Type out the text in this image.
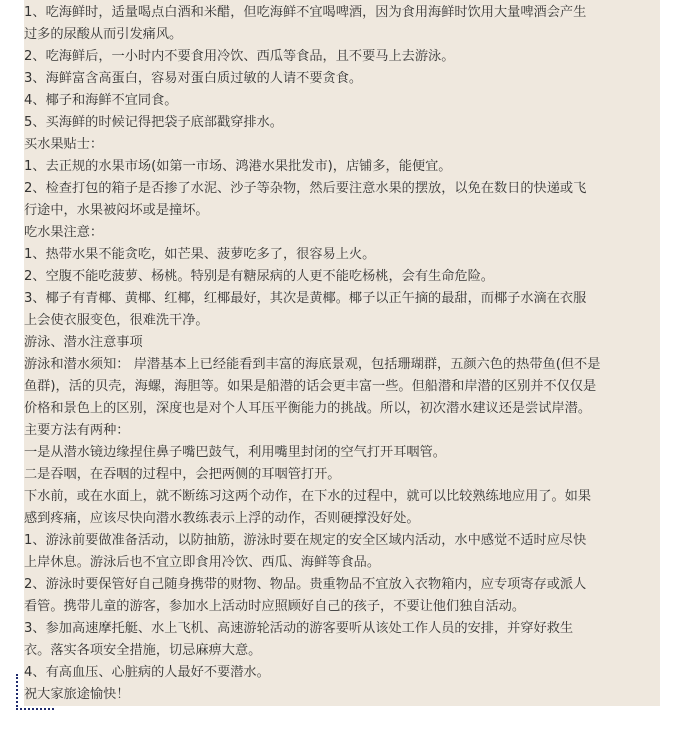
1、吃海鲜时，适量喝点白酒和米醋，但吃海鲜不宜喝啤酒，因为食用海鲜时饮用大量啤酒会产生
过多的尿酸从而引发痛风。
2、吃海鲜后，一小时内不要食用冷饮、西瓜等食品，且不要马上去游泳。
3、海鲜富含高蛋白，容易对蛋白质过敏的人请不要贪食。
4、椰子和海鲜不宜同食。
5、买海鲜的时候记得把袋子底部戳穿排水。
买水果贴士：
1、去正规的水果市场(如第一市场、鸿港水果批发市)，店铺多，能便宜。
2、检查打包的箱子是否掺了水泥、沙子等杂物，然后要注意水果的摆放，以免在数日的快递或飞
行途中，水果被闷坏或是撞坏。
吃水果注意：
1、热带水果不能贪吃，如芒果、菠萝吃多了，很容易上火。
2、空腹不能吃菠萝、杨桃。特别是有糖尿病的人更不能吃杨桃，会有生命危险。
3、椰子有青椰、黄椰、红椰，红椰最好，其次是黄椰。椰子以正午摘的最甜，而椰子水滴在衣服
上会使衣服变色，很难洗干净。
游泳、潜水注意事项
游泳和潜水须知： 岸潜基本上已经能看到丰富的海底景观，包括珊瑚群，五颜六色的热带鱼(但不是
鱼群)，活的贝壳，海螺，海胆等。如果是船潜的话会更丰富一些。但船潜和岸潜的区别并不仅仅是
价格和景色上的区别，深度也是对个人耳压平衡能力的挑战。所以，初次潜水建议还是尝试岸潜。
主要方法有两种：
一是从潜水镜边缘捏住鼻子嘴巴鼓气，利用嘴里封闭的空气打开耳咽管。
二是吞咽，在吞咽的过程中，会把两侧的耳咽管打开。
下水前，或在水面上，就不断练习这两个动作，在下水的过程中，就可以比较熟练地应用了。如果
感到疼痛，应该尽快向潜水教练表示上浮的动作，否则硬撑没好处。
1、游泳前要做准备活动，以防抽筋，游泳时要在规定的安全区域内活动，水中感觉不适时应尽快
上岸休息。游泳后也不宜立即食用冷饮、西瓜、海鲜等食品。
2、游泳时要保管好自己随身携带的财物、物品。贵重物品不宜放入衣物箱内，应专项寄存或派人
看管。携带儿童的游客，参加水上活动时应照顾好自己的孩子，不要让他们独自活动。
3、参加高速摩托艇、水上飞机、高速游轮活动的游客要听从该处工作人员的安排，并穿好救生
衣。落实各项安全措施，切忌麻痹大意。
4、有高血压、心脏病的人最好不要潜水。
祝大家旅途愉快！
